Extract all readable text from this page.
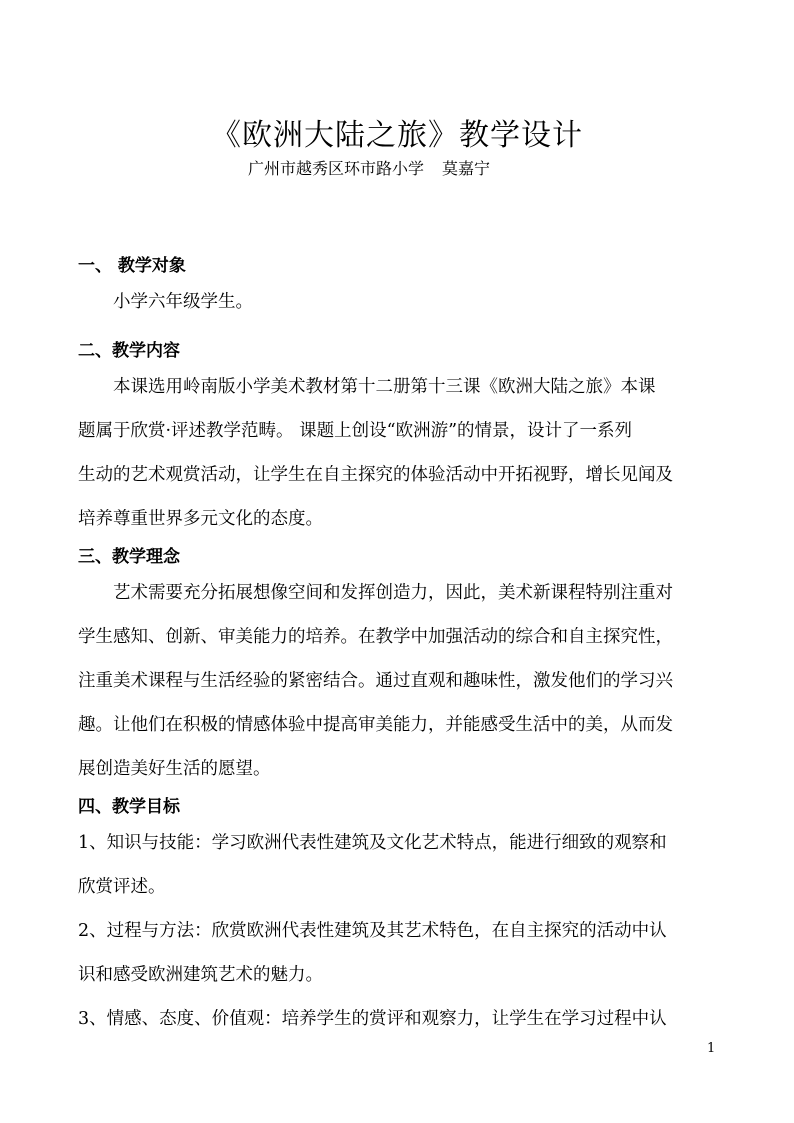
《欧洲大陆之旅》教学设计
广州市越秀区环市路小学 莫嘉宁
一、 教学对象
小学六年级学生。
二、教学内容
本课选用岭南版小学美术教材第十二册第十三课《欧洲大陆之旅》本课
题属于欣赏·评述教学范畴。 课题上创设“欧洲游”的情景，设计了一系列
生动的艺术观赏活动，让学生在自主探究的体验活动中开拓视野，增长见闻及
培养尊重世界多元文化的态度。
三、教学理念
艺术需要充分拓展想像空间和发挥创造力，因此，美术新课程特别注重对
学生感知、创新、审美能力的培养。在教学中加强活动的综合和自主探究性，
注重美术课程与生活经验的紧密结合。通过直观和趣味性，激发他们的学习兴
趣。让他们在积极的情感体验中提高审美能力，并能感受生活中的美，从而发
展创造美好生活的愿望。
四、教学目标
1、知识与技能：学习欧洲代表性建筑及文化艺术特点，能进行细致的观察和
欣赏评述。
2、过程与方法：欣赏欧洲代表性建筑及其艺术特色，在自主探究的活动中认
识和感受欧洲建筑艺术的魅力。
3、情感、态度、价值观：培养学生的赏评和观察力，让学生在学习过程中认
1
